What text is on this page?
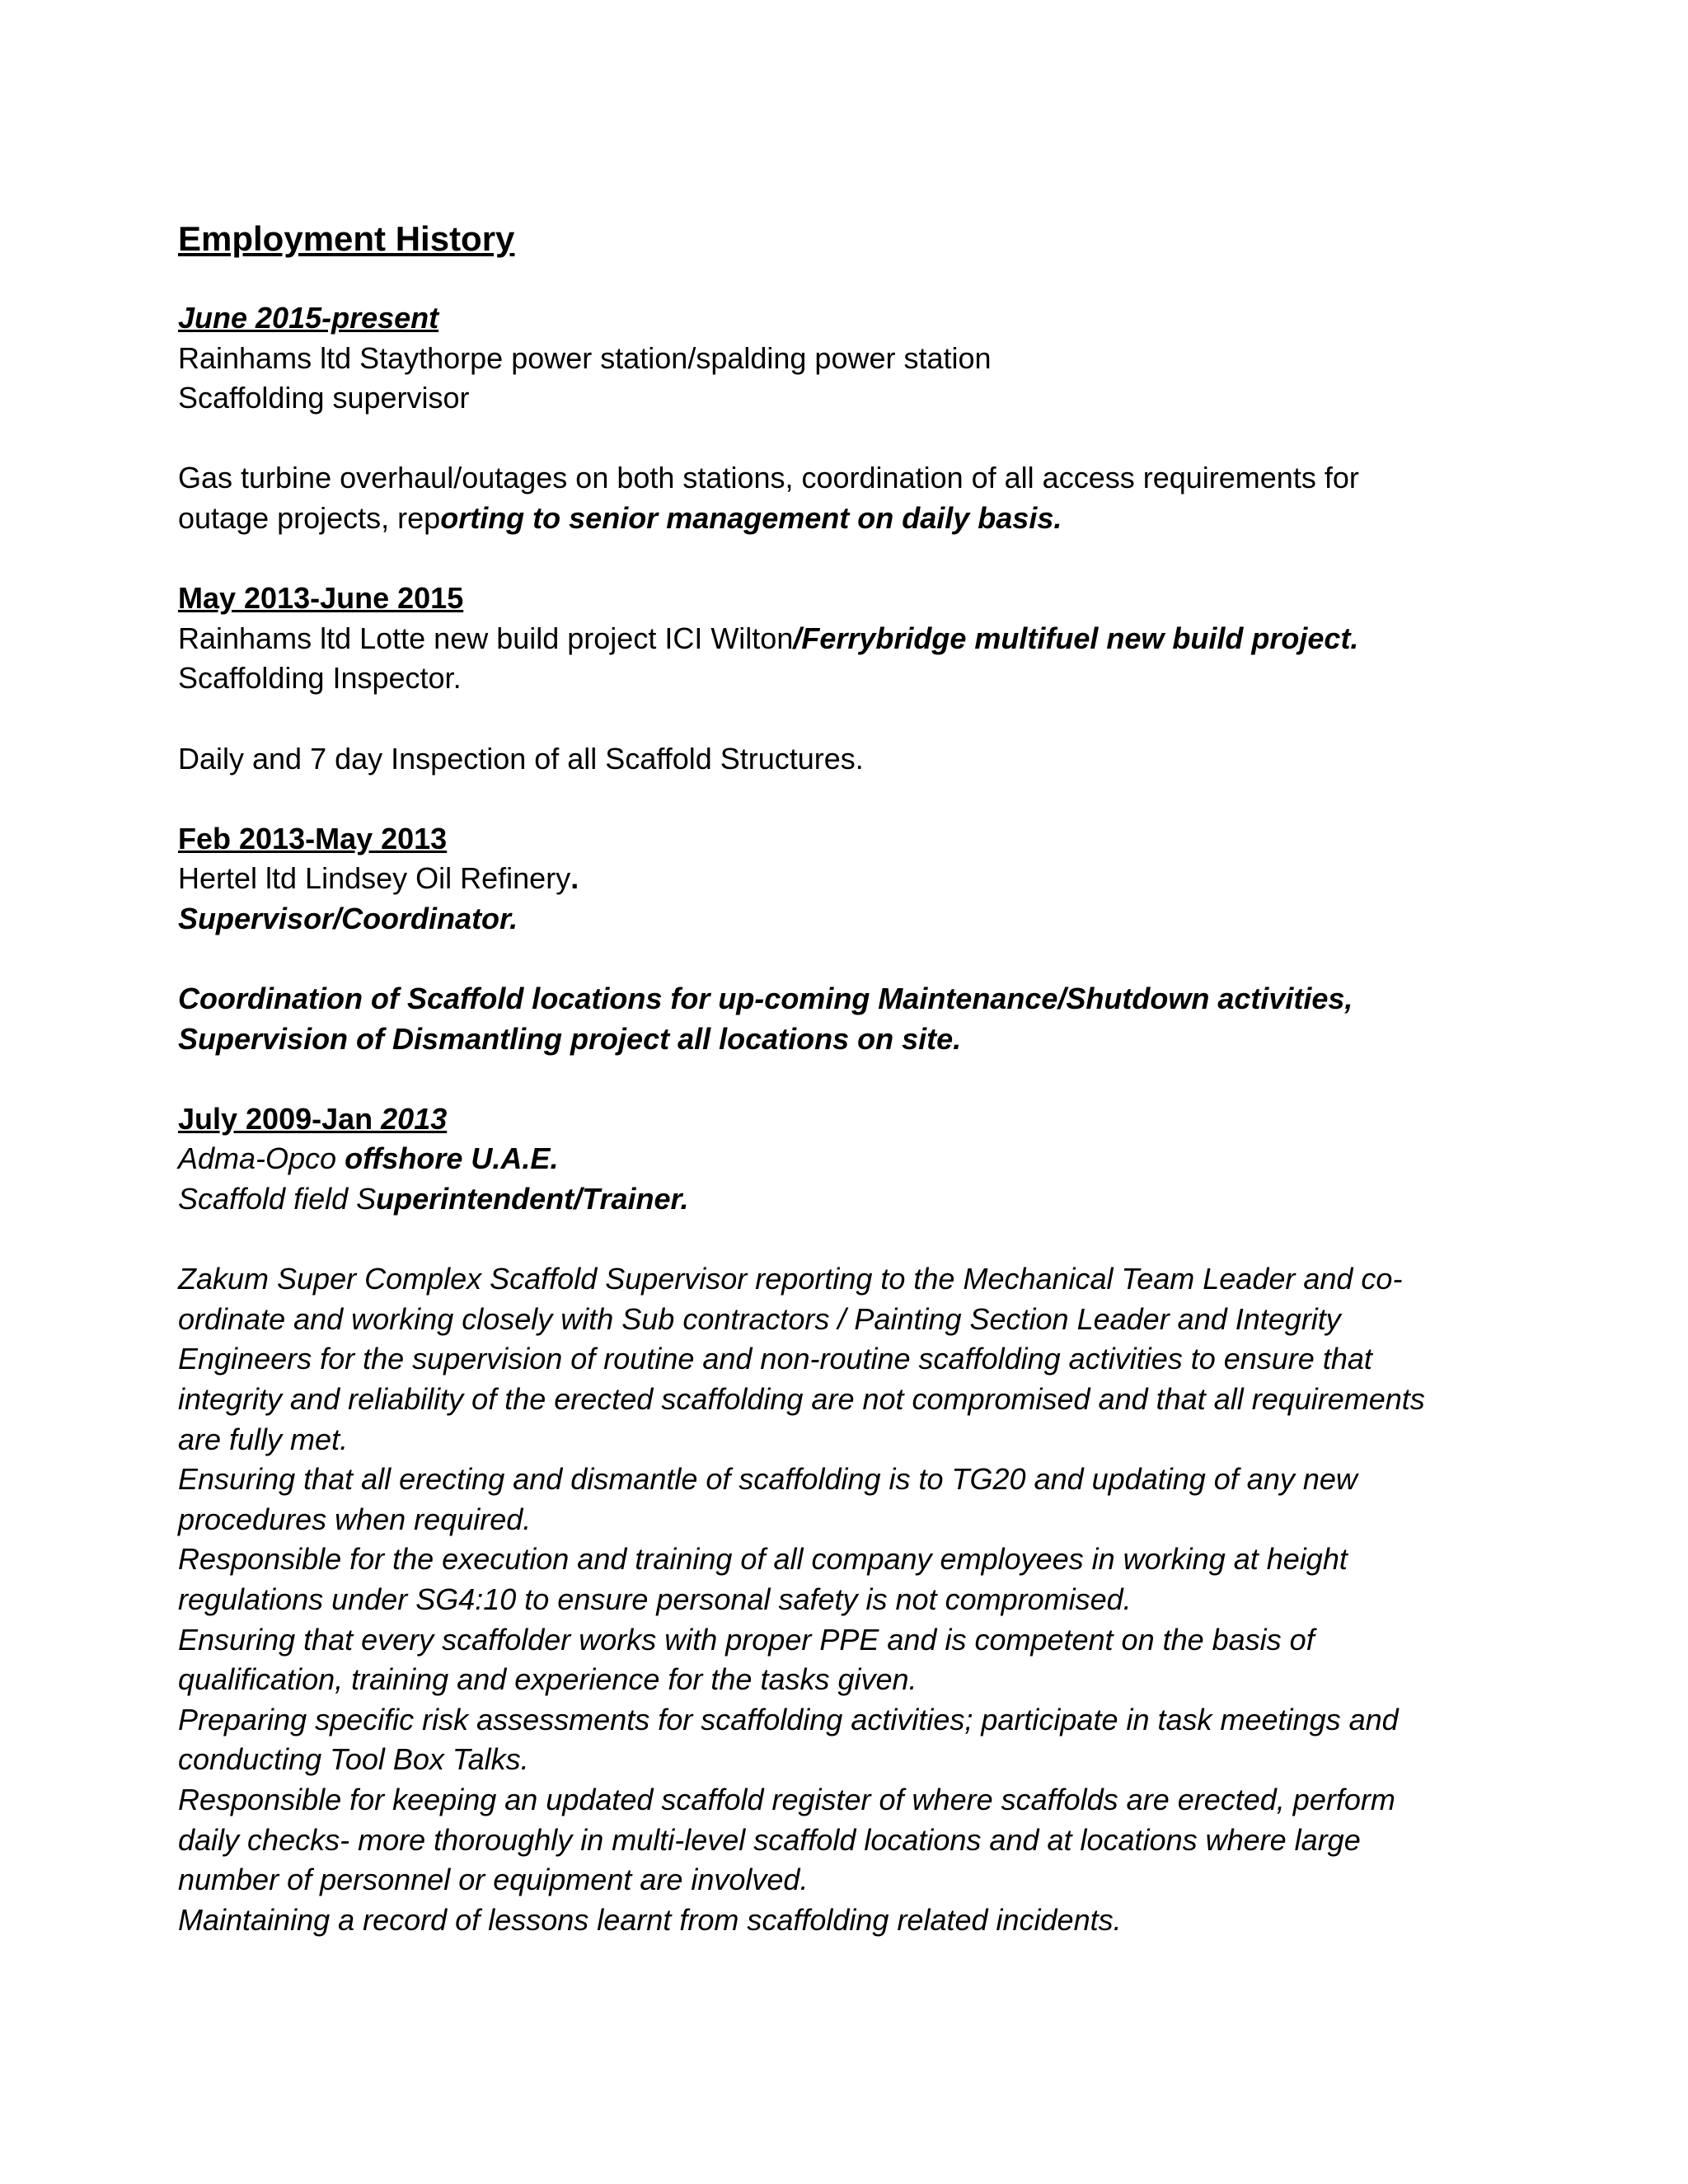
Employment History
June 2015-present
Rainhams ltd Staythorpe power station/spalding power station
Scaffolding supervisor
Gas turbine overhaul/outages on both stations, coordination of all access requirements for
outage projects, reporting to senior management on daily basis.
May 2013-June 2015
Rainhams ltd Lotte new build project ICI Wilton/Ferrybridge multifuel new build project.
Scaffolding Inspector.
Daily and 7 day Inspection of all Scaffold Structures.
Feb 2013-May 2013
Hertel ltd Lindsey Oil Refinery.
Supervisor/Coordinator.
Coordination of Scaffold locations for up-coming Maintenance/Shutdown activities,
Supervision of Dismantling project all locations on site.
July 2009-Jan 2013
Adma-Opco offshore U.A.E.
Scaffold field Superintendent/Trainer.
Zakum Super Complex Scaffold Supervisor reporting to the Mechanical Team Leader and co-
ordinate and working closely with Sub contractors / Painting Section Leader and Integrity
Engineers for the supervision of routine and non-routine scaffolding activities to ensure that
integrity and reliability of the erected scaffolding are not compromised and that all requirements
are fully met.
Ensuring that all erecting and dismantle of scaffolding is to TG20 and updating of any new
procedures when required.
Responsible for the execution and training of all company employees in working at height
regulations under SG4:10 to ensure personal safety is not compromised.
Ensuring that every scaffolder works with proper PPE and is competent on the basis of
qualification, training and experience for the tasks given.
Preparing specific risk assessments for scaffolding activities; participate in task meetings and
conducting Tool Box Talks.
Responsible for keeping an updated scaffold register of where scaffolds are erected, perform
daily checks- more thoroughly in multi-level scaffold locations and at locations where large
number of personnel or equipment are involved.
Maintaining a record of lessons learnt from scaffolding related incidents.
